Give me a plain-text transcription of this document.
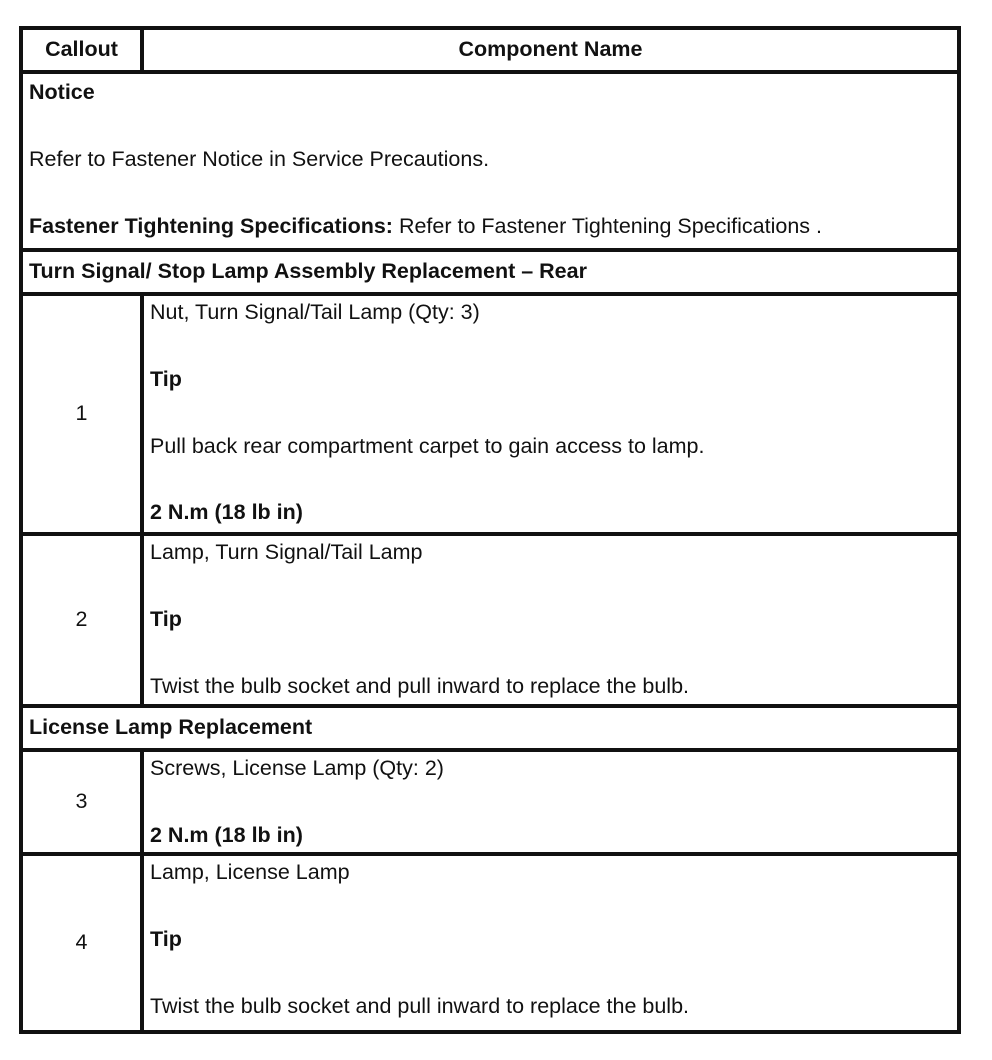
Callout	Component Name

Notice
Refer to Fastener Notice in Service Precautions.
Fastener Tightening Specifications: Refer to Fastener Tightening Specifications .	

Turn Signal/ Stop Lamp Assembly Replacement – Rear	
1	Nut, Turn Signal/Tail Lamp (Qty: 3)
Tip
Pull back rear compartment carpet to gain access to lamp.
2 N.m (18 lb in)

2	Lamp, Turn Signal/Tail Lamp
Tip
Twist the bulb socket and pull inward to replace the bulb.

License Lamp Replacement	
3	Screws, License Lamp (Qty: 2)
2 N.m (18 lb in)

4	Lamp, License Lamp
Tip
Twist the bulb socket and pull inward to replace the bulb.
